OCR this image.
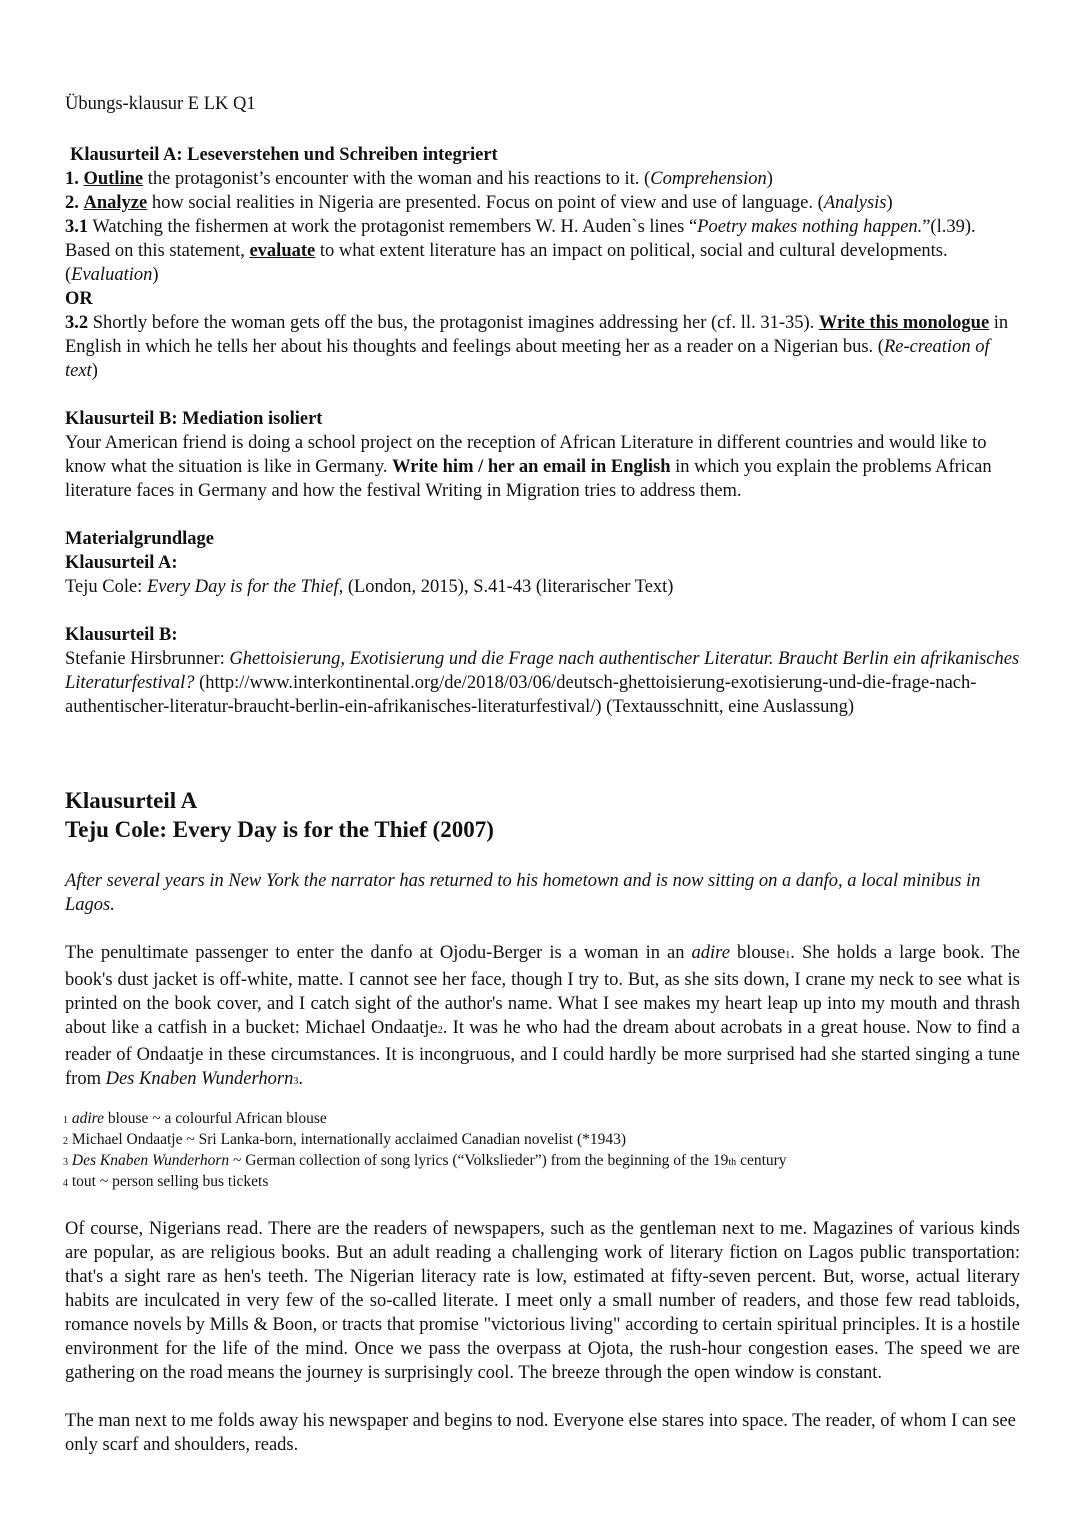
Übungs-klausur E LK Q1

Klausurteil A: Leseverstehen und Schreiben integriert

1. Outline the protagonist’s encounter with the woman and his reactions to it. (Comprehension)

2. Analyze how social realities in Nigeria are presented. Focus on point of view and use of language. (Analysis)

3.1 Watching the fishermen at work the protagonist remembers W. H. Auden`s lines “Poetry makes nothing happen.”(l.39). Based on this statement, evaluate to what extent literature has an impact on political, social and cultural developments. (Evaluation)

OR

3.2 Shortly before the woman gets off the bus, the protagonist imagines addressing her (cf. ll. 31-35). Write this monologue in English in which he tells her about his thoughts and feelings about meeting her as a reader on a Nigerian bus. (Re-creation of text)

Klausurteil B: Mediation isoliert

Your American friend is doing a school project on the reception of African Literature in different countries and would like to know what the situation is like in Germany. Write him / her an email in English in which you explain the problems African literature faces in Germany and how the festival Writing in Migration tries to address them.

Materialgrundlage

Klausurteil A:

Teju Cole: Every Day is for the Thief, (London, 2015), S.41-43 (literarischer Text)

Klausurteil B:

Stefanie Hirsbrunner: Ghettoisierung, Exotisierung und die Frage nach authentischer Literatur. Braucht Berlin ein afrikanisches Literaturfestival? (http://www.interkontinental.org/de/2018/03/06/deutsch-ghettoisierung-exotisierung-und-die-frage-nach-authentischer-literatur-braucht-berlin-ein-afrikanisches-literaturfestival/) (Textausschnitt, eine Auslassung)

Klausurteil A

Teju Cole: Every Day is for the Thief (2007)

After several years in New York the narrator has returned to his hometown and is now sitting on a danfo, a local minibus in Lagos.

The penultimate passenger to enter the danfo at Ojodu-Berger is a woman in an adire blouse1. She holds a large book. The book's dust jacket is off-white, matte. I cannot see her face, though I try to. But, as she sits down, I crane my neck to see what is printed on the book cover, and I catch sight of the author's name. What I see makes my heart leap up into my mouth and thrash about like a catfish in a bucket: Michael Ondaatje2. It was he who had the dream about acrobats in a great house. Now to find a reader of Ondaatje in these circumstances. It is incongruous, and I could hardly be more surprised had she started singing a tune from Des Knaben Wunderhorn3.

1 adire blouse ~ a colourful African blouse

2 Michael Ondaatje ~ Sri Lanka-born, internationally acclaimed Canadian novelist (*1943)

3 Des Knaben Wunderhorn ~ German collection of song lyrics (“Volkslieder”) from the beginning of the 19th century

4 tout ~ person selling bus tickets

Of course, Nigerians read. There are the readers of newspapers, such as the gentleman next to me. Magazines of various kinds are popular, as are religious books. But an adult reading a challenging work of literary fiction on Lagos public transportation: that's a sight rare as hen's teeth. The Nigerian literacy rate is low, estimated at fifty-seven percent. But, worse, actual literary habits are inculcated in very few of the so-called literate. I meet only a small number of readers, and those few read tabloids, romance novels by Mills & Boon, or tracts that promise "victorious living" according to certain spiritual principles. It is a hostile environment for the life of the mind. Once we pass the overpass at Ojota, the rush-hour congestion eases. The speed we are gathering on the road means the journey is surprisingly cool. The breeze through the open window is constant.

The man next to me folds away his newspaper and begins to nod. Everyone else stares into space. The reader, of whom I can see only scarf and shoulders, reads.
